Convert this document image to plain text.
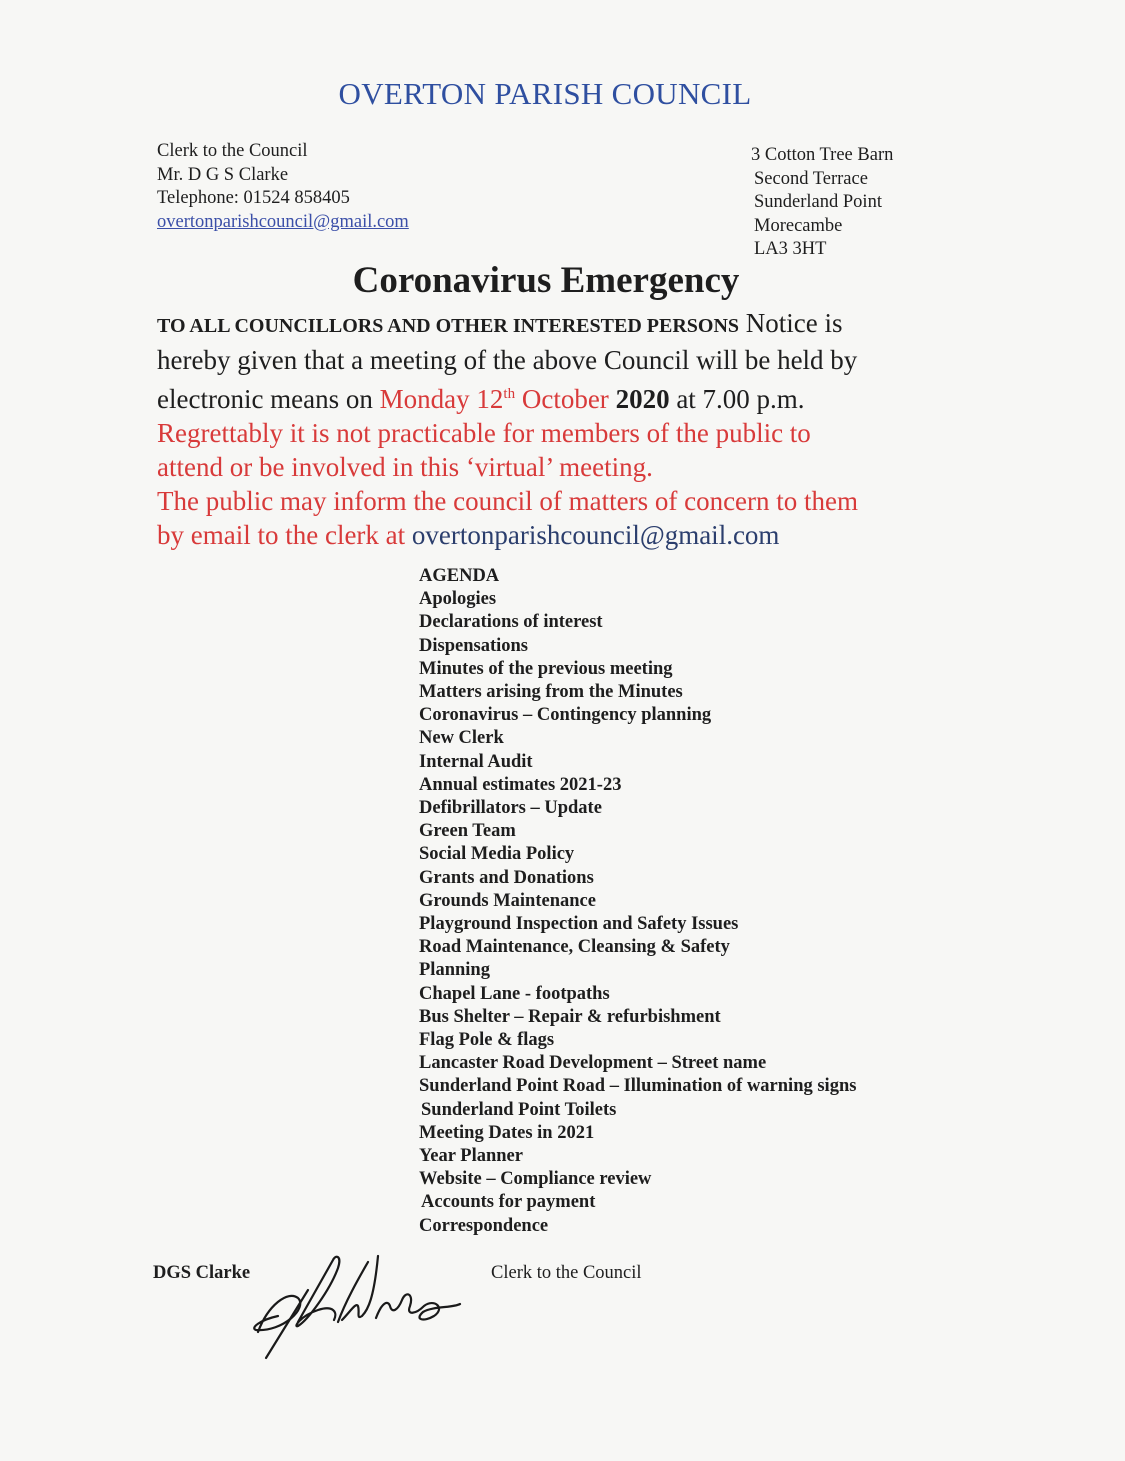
OVERTON PARISH COUNCIL
Clerk to the Council
Mr. D G S Clarke
Telephone: 01524 858405
overtonparishcouncil@gmail.com
3 Cotton Tree Barn
Second Terrace
Sunderland Point
Morecambe
LA3 3HT
Coronavirus Emergency
TO ALL COUNCILLORS AND OTHER INTERESTED PERSONS Notice is
hereby given that a meeting of the above Council will be held by
electronic means on Monday 12th October 2020 at 7.00 p.m.
Regrettably it is not practicable for members of the public to
attend or be involved in this ‘virtual’ meeting.
The public may inform the council of matters of concern to them
by email to the clerk at overtonparishcouncil@gmail.com
AGENDA
Apologies
Declarations of interest
Dispensations
Minutes of the previous meeting
Matters arising from the Minutes
Coronavirus – Contingency planning
New Clerk
Internal Audit
Annual estimates 2021-23
Defibrillators – Update
Green Team
Social Media Policy
Grants and Donations
Grounds Maintenance
Playground Inspection and Safety Issues
Road Maintenance, Cleansing & Safety
Planning
Chapel Lane - footpaths
Bus Shelter – Repair & refurbishment
Flag Pole & flags
Lancaster Road Development – Street name
Sunderland Point Road – Illumination of warning signs
Sunderland Point Toilets
Meeting Dates in 2021
Year Planner
Website – Compliance review
Accounts for payment
Correspondence
DGS Clarke	Clerk to the Council
